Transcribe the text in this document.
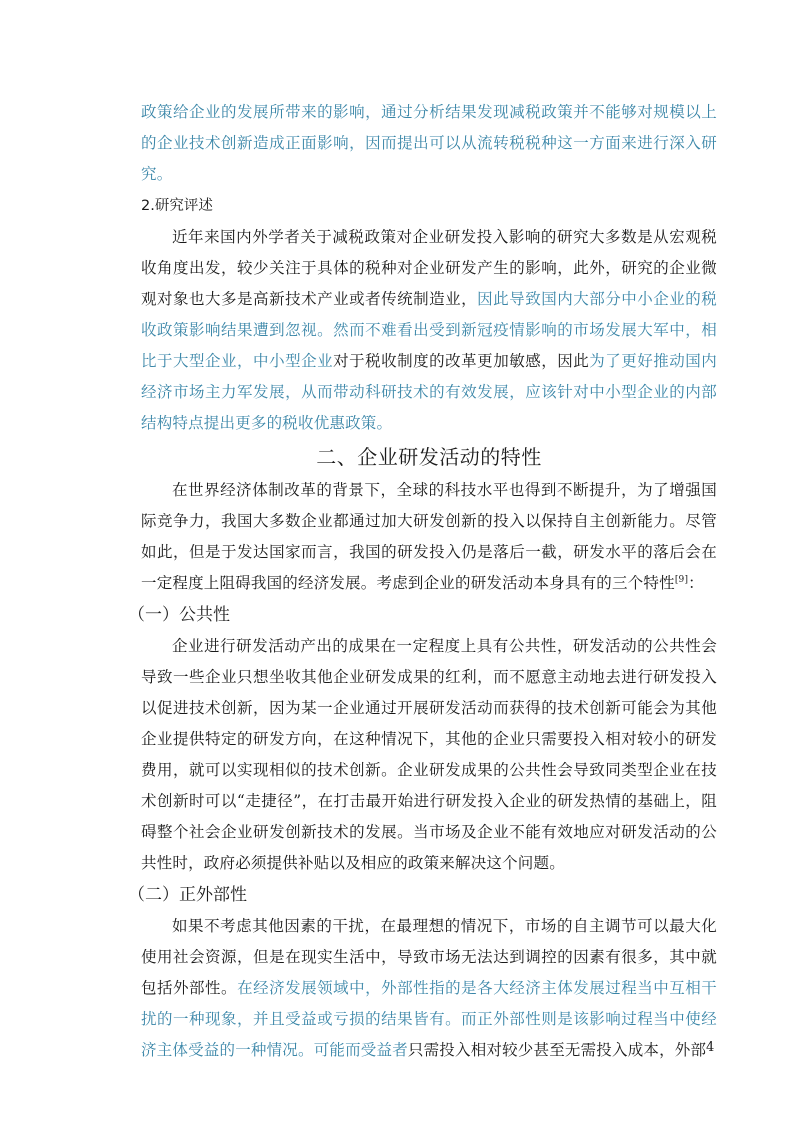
政策给企业的发展所带来的影响，通过分析结果发现减税政策并不能够对规模以上的企业技术创新造成正面影响，因而提出可以从流转税税种这一方面来进行深入研究。

2.研究评述

近年来国内外学者关于减税政策对企业研发投入影响的研究大多数是从宏观税收角度出发，较少关注于具体的税种对企业研发产生的影响，此外，研究的企业微观对象也大多是高新技术产业或者传统制造业，因此导致国内大部分中小企业的税收政策影响结果遭到忽视。然而不难看出受到新冠疫情影响的市场发展大军中，相比于大型企业，中小型企业对于税收制度的改革更加敏感，因此为了更好推动国内经济市场主力军发展，从而带动科研技术的有效发展，应该针对中小型企业的内部结构特点提出更多的税收优惠政策。

二、企业研发活动的特性

在世界经济体制改革的背景下，全球的科技水平也得到不断提升，为了增强国际竞争力，我国大多数企业都通过加大研发创新的投入以保持自主创新能力。尽管如此，但是于发达国家而言，我国的研发投入仍是落后一截，研发水平的落后会在一定程度上阻碍我国的经济发展。考虑到企业的研发活动本身具有的三个特性[9]：

（一）公共性

企业进行研发活动产出的成果在一定程度上具有公共性，研发活动的公共性会导致一些企业只想坐收其他企业研发成果的红利，而不愿意主动地去进行研发投入以促进技术创新，因为某一企业通过开展研发活动而获得的技术创新可能会为其他企业提供特定的研发方向，在这种情况下，其他的企业只需要投入相对较小的研发费用，就可以实现相似的技术创新。企业研发成果的公共性会导致同类型企业在技术创新时可以“走捷径”，在打击最开始进行研发投入企业的研发热情的基础上，阻碍整个社会企业研发创新技术的发展。当市场及企业不能有效地应对研发活动的公共性时，政府必须提供补贴以及相应的政策来解决这个问题。

（二）正外部性

如果不考虑其他因素的干扰，在最理想的情况下，市场的自主调节可以最大化使用社会资源，但是在现实生活中，导致市场无法达到调控的因素有很多，其中就包括外部性。在经济发展领域中，外部性指的是各大经济主体发展过程当中互相干扰的一种现象，并且受益或亏损的结果皆有。而正外部性则是该影响过程当中使经济主体受益的一种情况。可能而受益者只需投入相对较少甚至无需投入成本，外部 4
